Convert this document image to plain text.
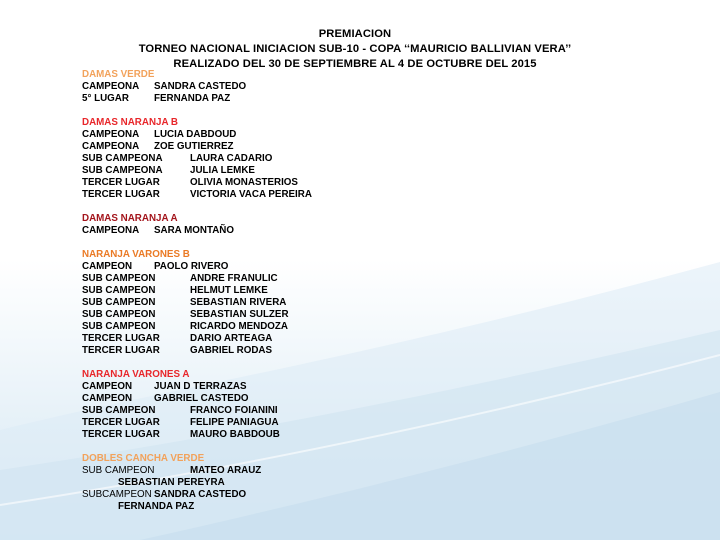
PREMIACION
TORNEO NACIONAL INICIACION SUB-10 - COPA ‘‘MAURICIO BALLIVIAN VERA’’
REALIZADO DEL 30 DE SEPTIEMBRE AL 4 DE OCTUBRE DEL 2015
DAMAS VERDE
CAMPEONA SANDRA CASTEDO
5° LUGAR	FERNANDA PAZ
DAMAS NARANJA B
CAMPEONA LUCIA DABDOUD
CAMPEONA ZOE GUTIERREZ
SUB CAMPEONA	LAURA CADARIO
SUB CAMPEONA	JULIA LEMKE
TERCER LUGAR	OLIVIA MONASTERIOS
TERCER LUGAR	VICTORIA VACA PEREIRA
DAMAS NARANJA A
CAMPEONA SARA MONTAÑO
NARANJA VARONES B
CAMPEON PAOLO RIVERO
SUB CAMPEON	ANDRE FRANULIC
SUB CAMPEON	HELMUT LEMKE
SUB CAMPEON	SEBASTIAN RIVERA
SUB CAMPEON	SEBASTIAN SULZER
SUB CAMPEON	RICARDO MENDOZA
TERCER LUGAR	DARIO ARTEAGA
TERCER LUGAR	GABRIEL RODAS
NARANJA VARONES A
CAMPEON JUAN D TERRAZAS
CAMPEON GABRIEL CASTEDO
SUB CAMPEON	FRANCO FOIANINI
TERCER LUGAR	FELIPE PANIAGUA
TERCER LUGAR	MAURO BABDOUB
DOBLES CANCHA VERDE
SUB CAMPEON	MATEO ARAUZ
SEBASTIAN PEREYRA
SUBCAMPEON SANDRA CASTEDO
FERNANDA PAZ
